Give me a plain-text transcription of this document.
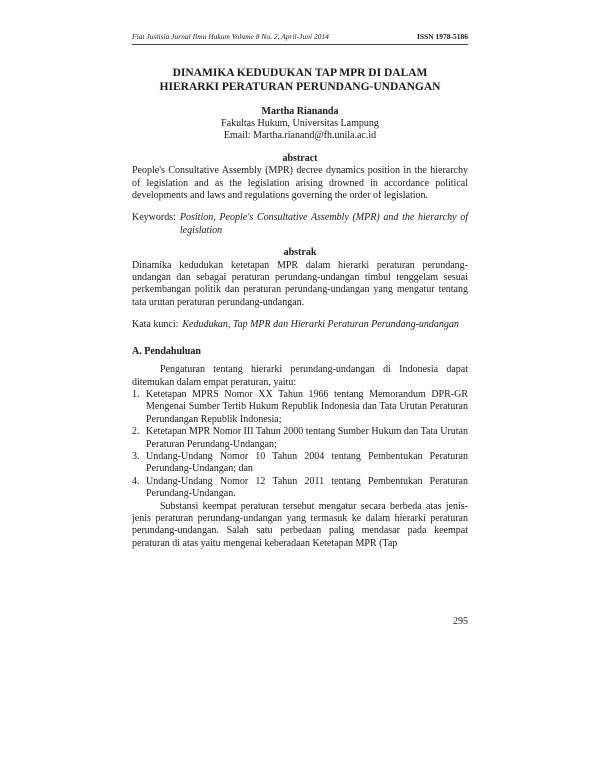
Fiat Justisia Jurnal Ilmu Hukum Volume 8 No. 2, April-Juni 2014	ISSN 1978-5186
DINAMIKA KEDUDUKAN TAP MPR DI DALAM
HIERARKI PERATURAN PERUNDANG-UNDANGAN
Martha Riananda
Fakultas Hukum, Universitas Lampung
Email: Martha.rianand@fh.unila.ac.id
abstract

People's Consultative Assembly (MPR) decree dynamics position in the hierarchy of legislation and as the legislation arising drowned in accordance political developments and laws and regulations governing the order of legislation.

Keywords: Position, People's Consultative Assembly (MPR) and the hierarchy of legislation
abstrak

Dinamika kedudukan ketetapan MPR dalam hierarki peraturan perundang-undangan dan sebagai peraturan perundang-undangan timbul tenggelam sesuai perkembangan politik dan peraturan perundang-undangan yang mengatur tentang tata urutan peraturan perundang-undangan.

Kata kunci: Kedudukan, Tap MPR dan Hierarki Peraturan Perundang-undangan
A. Pendahuluan

Pengaturan tentang hierarki perundang-undangan di Indonesia dapat ditemukan dalam empat peraturan, yaitu:

1. Ketetapan MPRS Nomor XX Tahun 1966 tentang Memorandum DPR-GR Mengenai Sumber Tertib Hukum Republik Indonesia dan Tata Urutan Peraturan Perundangan Republik Indonesia;
2. Ketetapan MPR Nomor III Tahun 2000 tentang Sumber Hukum dan Tata Urutan Peraturan Perundang-Undangan;
3. Undang-Undang Nomor 10 Tahun 2004 tentang Pembentukan Peraturan Perundang-Undangan; dan
4. Undang-Undang Nomor 12 Tahun 2011 tentang Pembentukan Peraturan Perundang-Undangan.

Substansi keempat peraturan tersebut mengatur secara berbeda atas jenis-jenis peraturan perundang-undangan yang termasuk ke dalam hierarki peraturan perundang-undangan. Salah satu perbedaan paling mendasar pada keempat peraturan di atas yaitu mengenai keberadaan Ketetapan MPR (Tap

295
